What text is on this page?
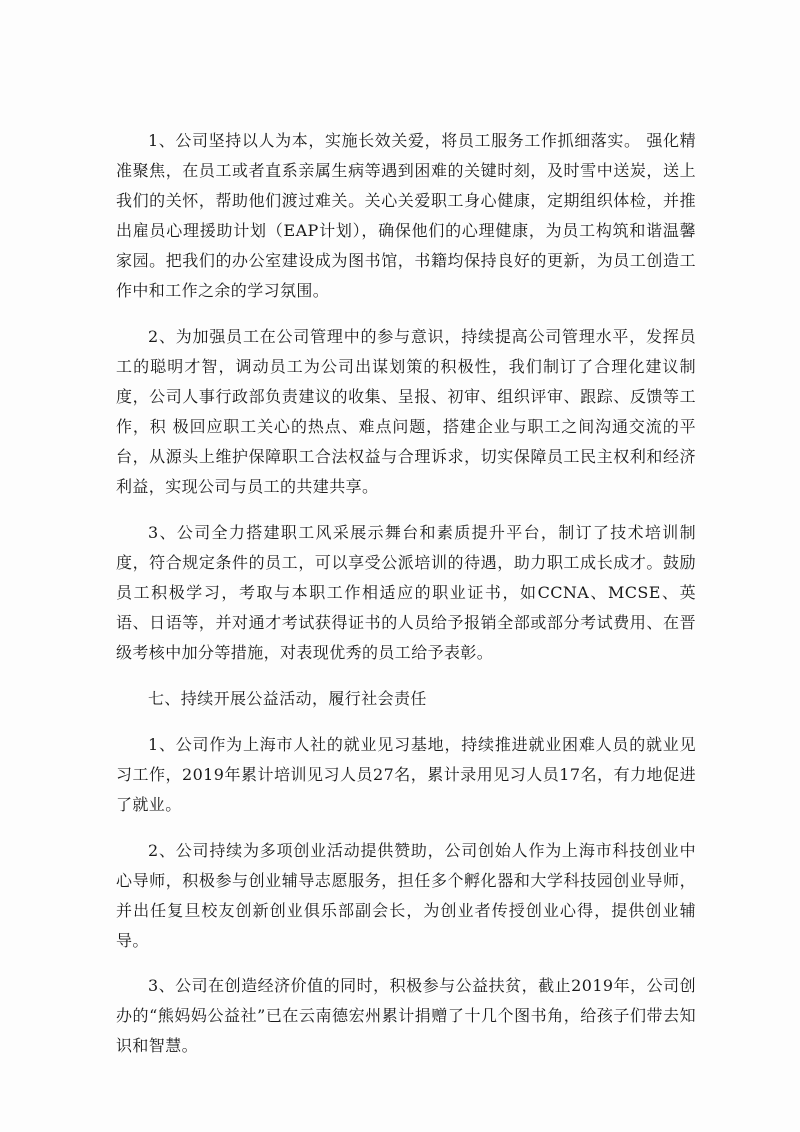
1、公司坚持以人为本，实施长效关爱，将员工服务工作抓细落实。 强化精准聚焦，在员工或者直系亲属生病等遇到困难的关键时刻，及时雪中送炭，送上我们的关怀，帮助他们渡过难关。关心关爱职工身心健康，定期组织体检，并推出雇员心理援助计划（EAP计划），确保他们的心理健康，为员工构筑和谐温馨家园。把我们的办公室建设成为图书馆，书籍均保持良好的更新，为员工创造工作中和工作之余的学习氛围。

2、为加强员工在公司管理中的参与意识，持续提高公司管理水平，发挥员工的聪明才智，调动员工为公司出谋划策的积极性，我们制订了合理化建议制度，公司人事行政部负责建议的收集、呈报、初审、组织评审、跟踪、反馈等工作，积 极回应职工关心的热点、难点问题，搭建企业与职工之间沟通交流的平台，从源头上维护保障职工合法权益与合理诉求，切实保障员工民主权利和经济利益，实现公司与员工的共建共享。

3、公司全力搭建职工风采展示舞台和素质提升平台，制订了技术培训制度，符合规定条件的员工，可以享受公派培训的待遇，助力职工成长成才。鼓励员工积极学习，考取与本职工作相适应的职业证书，如CCNA、MCSE、英语、日语等，并对通才考试获得证书的人员给予报销全部或部分考试费用、在晋级考核中加分等措施，对表现优秀的员工给予表彰。

七、持续开展公益活动，履行社会责任

1、公司作为上海市人社的就业见习基地，持续推进就业困难人员的就业见习工作，2019年累计培训见习人员27名，累计录用见习人员17名，有力地促进了就业。

2、公司持续为多项创业活动提供赞助，公司创始人作为上海市科技创业中心导师，积极参与创业辅导志愿服务，担任多个孵化器和大学科技园创业导师，并出任复旦校友创新创业俱乐部副会长，为创业者传授创业心得，提供创业辅导。

3、公司在创造经济价值的同时，积极参与公益扶贫，截止2019年，公司创办的“熊妈妈公益社”已在云南德宏州累计捐赠了十几个图书角，给孩子们带去知识和智慧。
